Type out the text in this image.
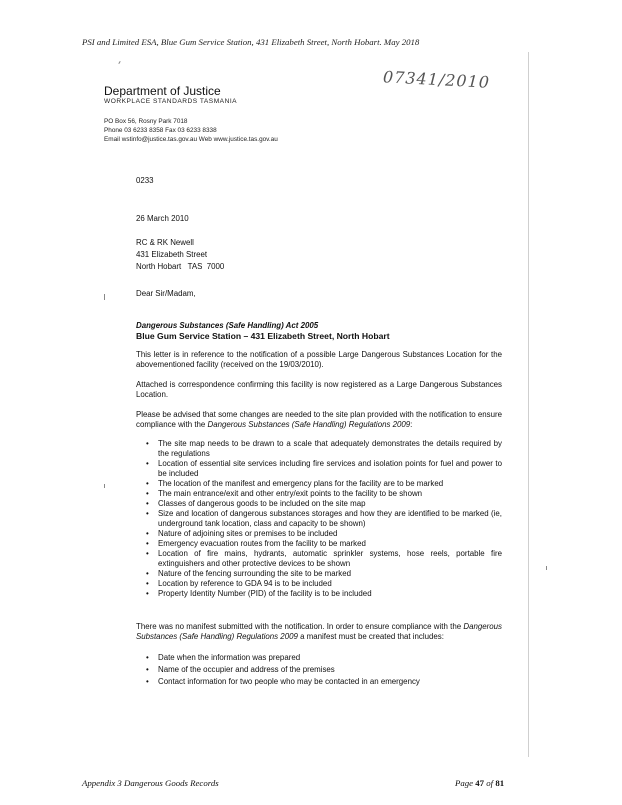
PSI and Limited ESA, Blue Gum Service Station, 431 Elizabeth Street, North Hobart. May 2018
07341/2010
Department of Justice
WORKPLACE STANDARDS TASMANIA
PO Box 56, Rosny Park 7018
Phone 03 6233 8358 Fax 03 6233 8338
Email wstinfo@justice.tas.gov.au Web www.justice.tas.gov.au
0233
26 March 2010
RC & RK Newell
431 Elizabeth Street
North Hobart   TAS  7000
Dear Sir/Madam,
Dangerous Substances (Safe Handling) Act 2005
Blue Gum Service Station – 431 Elizabeth Street, North Hobart
This letter is in reference to the notification of a possible Large Dangerous Substances Location for the abovementioned facility (received on the 19/03/2010).
Attached is correspondence confirming this facility is now registered as a Large Dangerous Substances Location.
Please be advised that some changes are needed to the site plan provided with the notification to ensure compliance with the Dangerous Substances (Safe Handling) Regulations 2009:
• The site map needs to be drawn to a scale that adequately demonstrates the details required by the regulations
• Location of essential site services including fire services and isolation points for fuel and power to be included
• The location of the manifest and emergency plans for the facility are to be marked
• The main entrance/exit and other entry/exit points to the facility to be shown
• Classes of dangerous goods to be included on the site map
• Size and location of dangerous substances storages and how they are identified to be marked (ie, underground tank location, class and capacity to be shown)
• Nature of adjoining sites or premises to be included
• Emergency evacuation routes from the facility to be marked
• Location of fire mains, hydrants, automatic sprinkler systems, hose reels, portable fire extinguishers and other protective devices to be shown
• Nature of the fencing surrounding the site to be marked
• Location by reference to GDA 94 is to be included
• Property Identity Number (PID) of the facility is to be included
There was no manifest submitted with the notification. In order to ensure compliance with the Dangerous Substances (Safe Handling) Regulations 2009 a manifest must be created that includes:
• Date when the information was prepared
• Name of the occupier and address of the premises
• Contact information for two people who may be contacted in an emergency
Appendix 3 Dangerous Goods Records	Page 47 of 81
